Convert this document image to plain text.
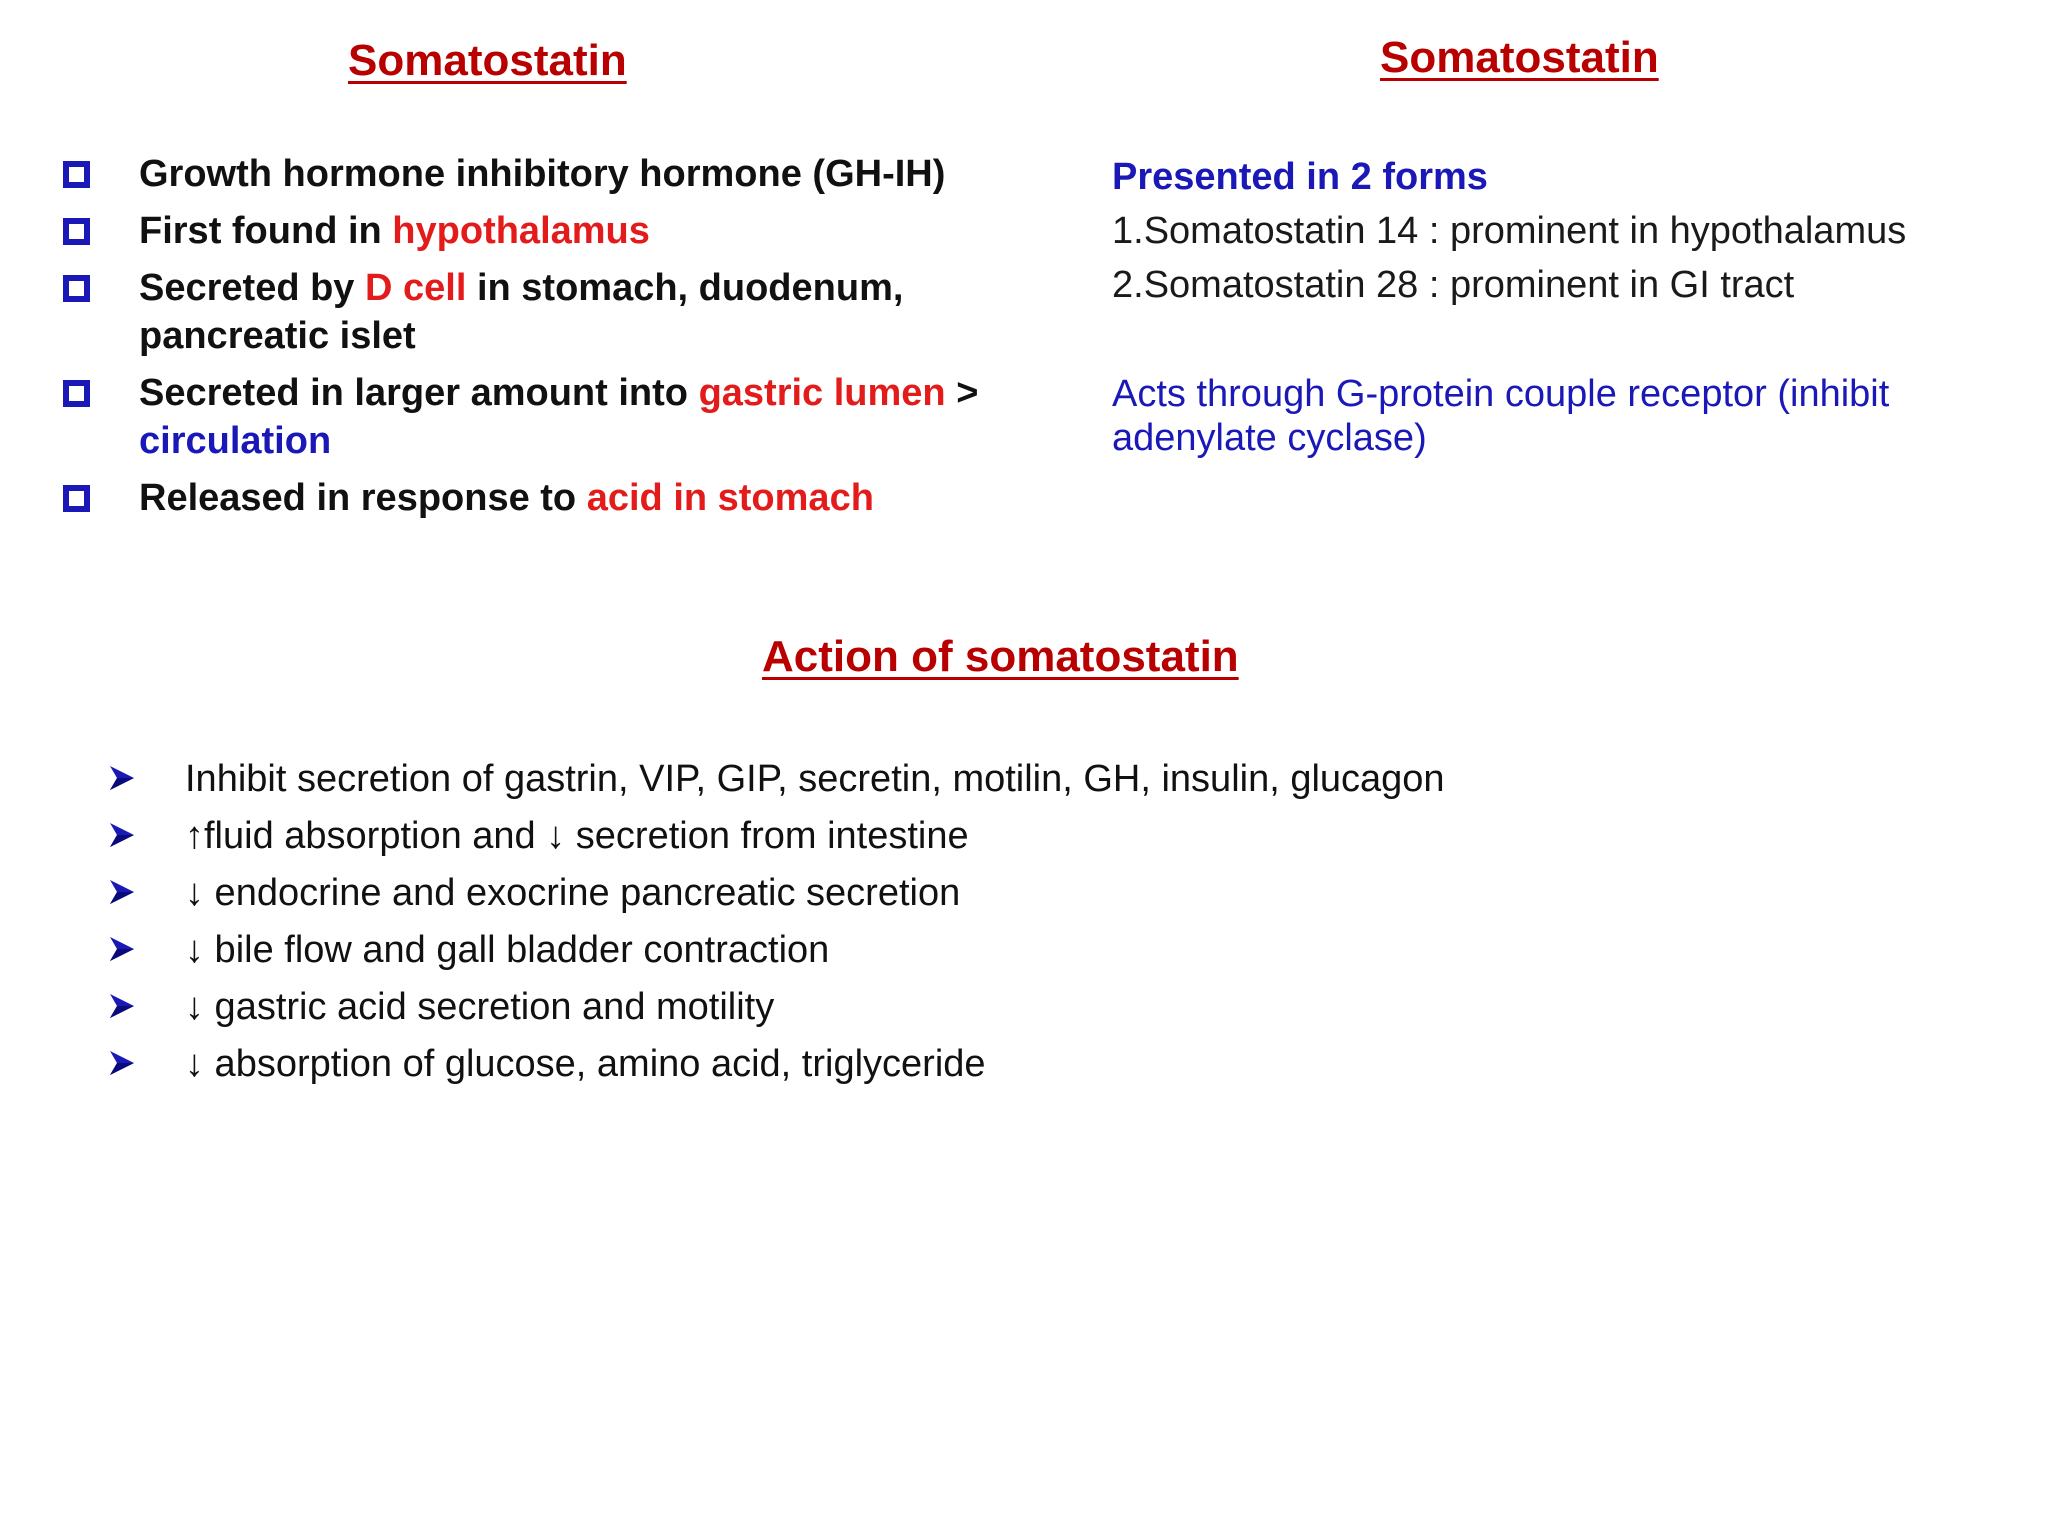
Somatostatin	Somatostatin
Growth hormone inhibitory hormone (GH-IH)
First found in hypothalamus
Secreted by D cell in stomach, duodenum, pancreatic islet
Secreted in larger amount into gastric lumen > circulation
Released in response to acid in stomach
Presented in 2 forms
1.Somatostatin 14 : prominent in hypothalamus
2.Somatostatin 28 : prominent in GI tract
Acts through G-protein couple receptor (inhibit adenylate cyclase)
Action of somatostatin
Inhibit secretion of gastrin, VIP, GIP, secretin, motilin, GH, insulin, glucagon
↑fluid absorption and ↓ secretion from intestine
↓ endocrine and exocrine pancreatic secretion
↓ bile flow and gall bladder contraction
↓ gastric acid secretion and motility
↓ absorption of glucose, amino acid, triglyceride
